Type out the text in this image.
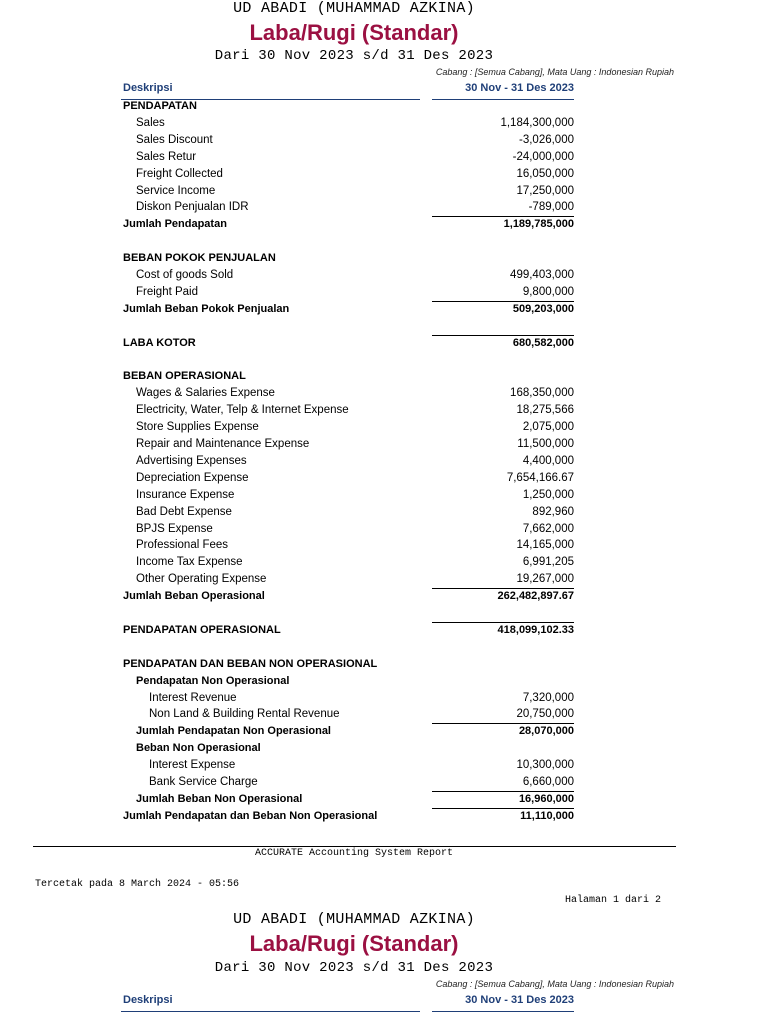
UD ABADI (MUHAMMAD AZKINA)
Laba/Rugi (Standar)
Dari 30 Nov 2023 s/d 31 Des 2023
Cabang : [Semua Cabang], Mata Uang : Indonesian Rupiah
Deskripsi	30 Nov - 31 Des 2023
PENDAPATAN
Sales	1,184,300,000
Sales Discount	-3,026,000
Sales Retur	-24,000,000
Freight Collected	16,050,000
Service Income	17,250,000
Diskon Penjualan IDR	-789,000
Jumlah Pendapatan	1,189,785,000
BEBAN POKOK PENJUALAN
Cost of goods Sold	499,403,000
Freight Paid	9,800,000
Jumlah Beban Pokok Penjualan	509,203,000
LABA KOTOR	680,582,000
BEBAN OPERASIONAL
Wages & Salaries Expense	168,350,000
Electricity, Water, Telp & Internet Expense	18,275,566
Store Supplies Expense	2,075,000
Repair and Maintenance Expense	11,500,000
Advertising Expenses	4,400,000
Depreciation Expense	7,654,166.67
Insurance Expense	1,250,000
Bad Debt Expense	892,960
BPJS Expense	7,662,000
Professional Fees	14,165,000
Income Tax Expense	6,991,205
Other Operating Expense	19,267,000
Jumlah Beban Operasional	262,482,897.67
PENDAPATAN OPERASIONAL	418,099,102.33
PENDAPATAN DAN BEBAN NON OPERASIONAL
Pendapatan Non Operasional
Interest Revenue	7,320,000
Non Land & Building Rental Revenue	20,750,000
Jumlah Pendapatan Non Operasional	28,070,000
Beban Non Operasional
Interest Expense	10,300,000
Bank Service Charge	6,660,000
Jumlah Beban Non Operasional	16,960,000
Jumlah Pendapatan dan Beban Non Operasional	11,110,000
ACCURATE Accounting System Report
Tercetak pada 8 March 2024 - 05:56
Halaman 1 dari 2
UD ABADI (MUHAMMAD AZKINA)
Laba/Rugi (Standar)
Dari 30 Nov 2023 s/d 31 Des 2023
Cabang : [Semua Cabang], Mata Uang : Indonesian Rupiah
Deskripsi	30 Nov - 31 Des 2023
